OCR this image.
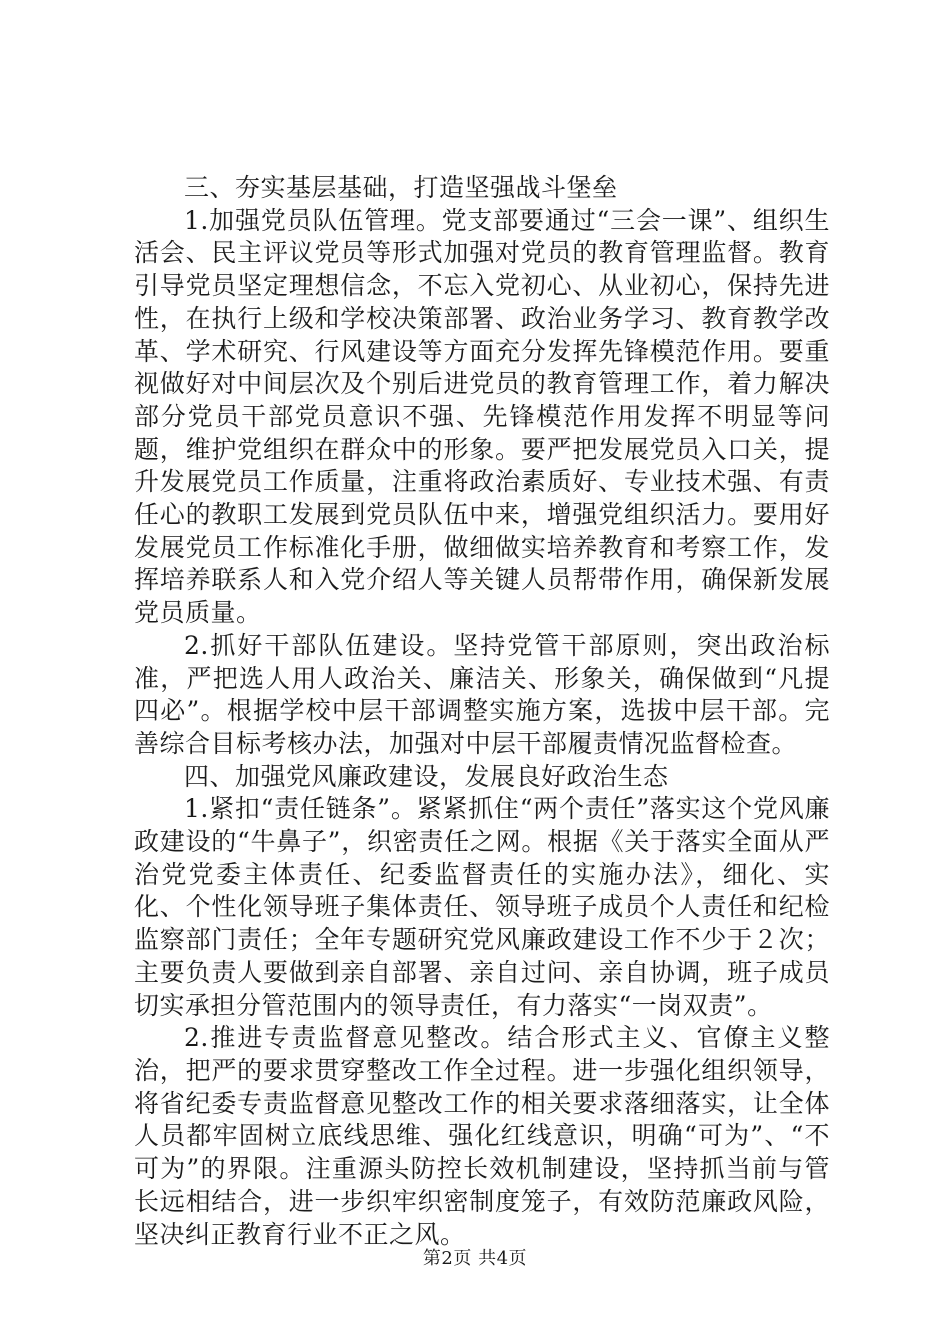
三、夯实基层基础，打造坚强战斗堡垒

1.加强党员队伍管理。党支部要通过“三会一课”、组织生活会、民主评议党员等形式加强对党员的教育管理监督。教育引导党员坚定理想信念，不忘入党初心、从业初心，保持先进性，在执行上级和学校决策部署、政治业务学习、教育教学改革、学术研究、行风建设等方面充分发挥先锋模范作用。要重视做好对中间层次及个别后进党员的教育管理工作，着力解决部分党员干部党员意识不强、先锋模范作用发挥不明显等问题，维护党组织在群众中的形象。要严把发展党员入口关，提升发展党员工作质量，注重将政治素质好、专业技术强、有责任心的教职工发展到党员队伍中来，增强党组织活力。要用好发展党员工作标准化手册，做细做实培养教育和考察工作，发挥培养联系人和入党介绍人等关键人员帮带作用，确保新发展党员质量。

2.抓好干部队伍建设。坚持党管干部原则，突出政治标准，严把选人用人政治关、廉洁关、形象关，确保做到“凡提四必”。根据学校中层干部调整实施方案，选拔中层干部。完善综合目标考核办法，加强对中层干部履责情况监督检查。

四、加强党风廉政建设，发展良好政治生态

1.紧扣“责任链条”。紧紧抓住“两个责任”落实这个党风廉政建设的“牛鼻子”，织密责任之网。根据《关于落实全面从严治党党委主体责任、纪委监督责任的实施办法》，细化、实化、个性化领导班子集体责任、领导班子成员个人责任和纪检监察部门责任；全年专题研究党风廉政建设工作不少于２次；主要负责人要做到亲自部署、亲自过问、亲自协调，班子成员切实承担分管范围内的领导责任，有力落实“一岗双责”。

2.推进专责监督意见整改。结合形式主义、官僚主义整治，把严的要求贯穿整改工作全过程。进一步强化组织领导，将省纪委专责监督意见整改工作的相关要求落细落实，让全体人员都牢固树立底线思维、强化红线意识，明确“可为”、“不可为”的界限。注重源头防控长效机制建设，坚持抓当前与管长远相结合，进一步织牢织密制度笼子，有效防范廉政风险，坚决纠正教育行业不正之风。

第2页 共4页
